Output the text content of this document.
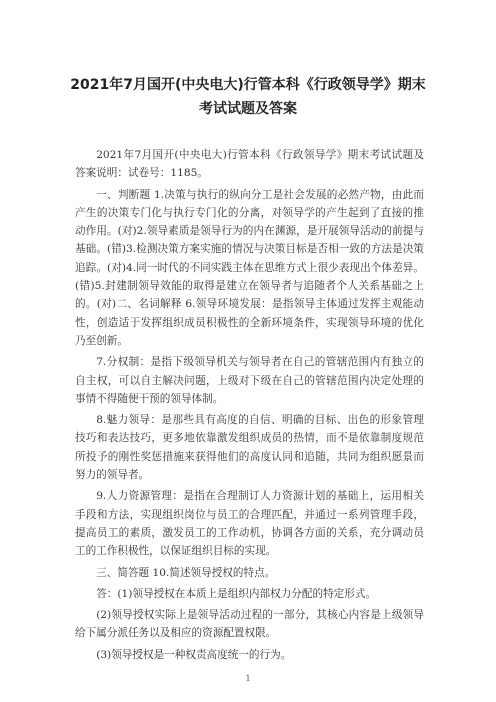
2021年7月国开(中央电大)行管本科《行政领导学》期末
考试试题及答案

2021年7月国开(中央电大)行管本科《行政领导学》期末考试试题及答案说明：试卷号：1185。

一、判断题 1.决策与执行的纵向分工是社会发展的必然产物，由此而产生的决策专门化与执行专门化的分离，对领导学的产生起到了直接的推动作用。(对)2.领导素质是领导行为的内在渊源，是开展领导活动的前提与基础。(错)3.检测决策方案实施的情况与决策目标是否相一致的方法是决策追踪。(对)4.同一时代的不同实践主体在思维方式上很少表现出个体差异。(错)5.封建制领导效能的取得是建立在领导者与追随者个人关系基础之上的。(对)二、名词解释 6.领导环境发展：是指领导主体通过发挥主观能动性，创造适于发挥组织成员积极性的全新环境条件，实现领导环境的优化乃至创新。

7.分权制：是指下级领导机关与领导者在自己的管辖范围内有独立的自主权，可以自主解决问题，上级对下级在自己的管辖范围内决定处理的事情不得随便干预的领导体制。

8.魅力领导：是那些具有高度的自信、明确的目标、出色的形象管理技巧和表达技巧，更多地依靠激发组织成员的热情，而不是依靠制度规范所投予的刚性奖惩措施来获得他们的高度认同和追随，共同为组织愿景而努力的领导者。

9.人力资源管理：是指在合理制订人力资源计划的基础上，运用相关手段和方法，实现组织岗位与员工的合理匹配，并通过一系列管理手段，提高员工的素质，激发员工的工作动机，协调各方面的关系，充分调动员工的工作积极性，以保证组织目标的实现。

三、简答题 10.简述领导授权的特点。

答：(1)领导授权在本质上是组织内部权力分配的特定形式。

(2)领导授权实际上是领导活动过程的一部分，其核心内容是上级领导给下属分派任务以及相应的资源配置权限。

(3)领导授权是一种权责高度统一的行为。

1
